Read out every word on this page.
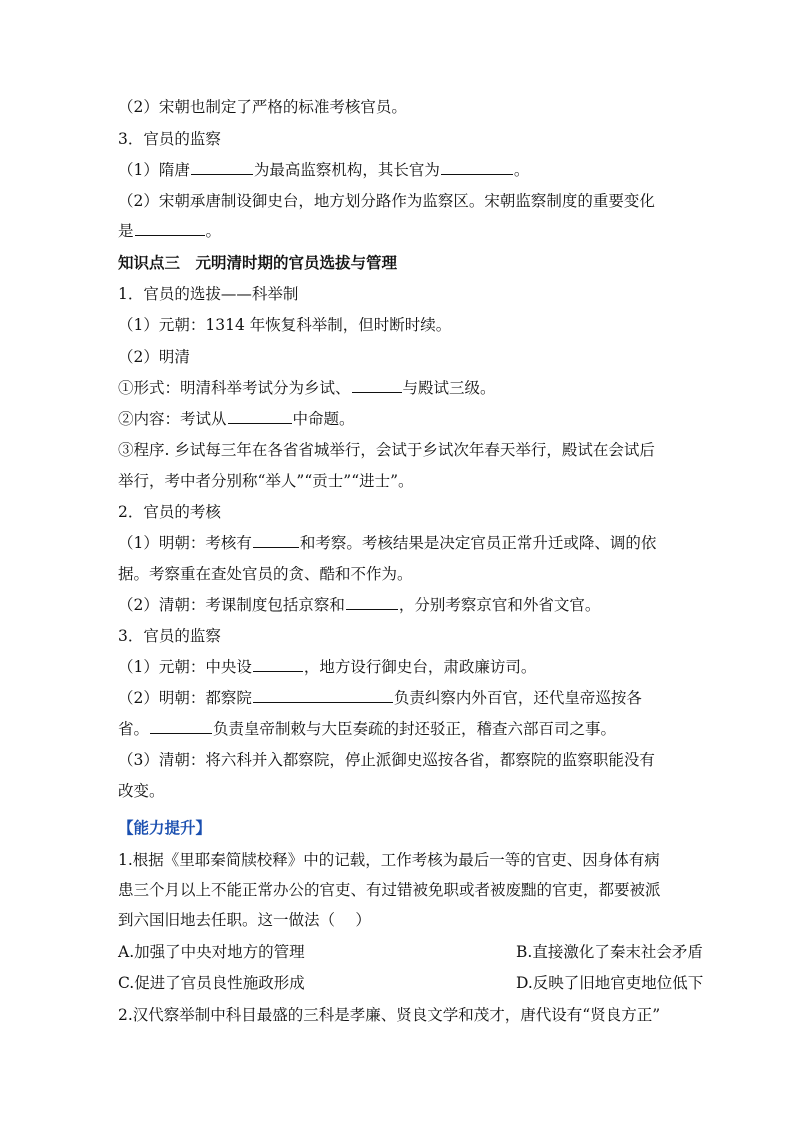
（2）宋朝也制定了严格的标准考核官员。
3．官员的监察
（1）隋唐	为最高监察机构，其长官为	。
（2）宋朝承唐制设御史台，地方划分路作为监察区。宋朝监察制度的重要变化
是	。
知识点三　元明清时期的官员选拔与管理
1．官员的选拔——科举制
（1）元朝：1314 年恢复科举制，但时断时续。
（2）明清
①形式：明清科举考试分为乡试、	与殿试三级。
②内容：考试从	中命题。
③程序. 乡试每三年在各省省城举行，会试于乡试次年春天举行，殿试在会试后
举行，考中者分别称“举人”“贡士”“进士”。
2．官员的考核
（1）明朝：考核有	和考察。考核结果是决定官员正常升迁或降、调的依
据。考察重在查处官员的贪、酷和不作为。
（2）清朝：考课制度包括京察和	，分别考察京官和外省文官。
3．官员的监察
（1）元朝：中央设	，地方设行御史台，肃政廉访司。
（2）明朝：都察院	负责纠察内外百官，还代皇帝巡按各
省。	负责皇帝制敕与大臣奏疏的封还驳正，稽查六部百司之事。
（3）清朝：将六科并入都察院，停止派御史巡按各省，都察院的监察职能没有
改变。
【能力提升】
1.根据《里耶秦简牍校释》中的记载，工作考核为最后一等的官吏、因身体有病
患三个月以上不能正常办公的官吏、有过错被免职或者被废黜的官吏，都要被派
到六国旧地去任职。这一做法（　 ）
A.加强了中央对地方的管理	B.直接激化了秦末社会矛盾
C.促进了官员良性施政形成	D.反映了旧地官吏地位低下
2.汉代察举制中科目最盛的三科是孝廉、贤良文学和茂才，唐代设有“贤良方正”
